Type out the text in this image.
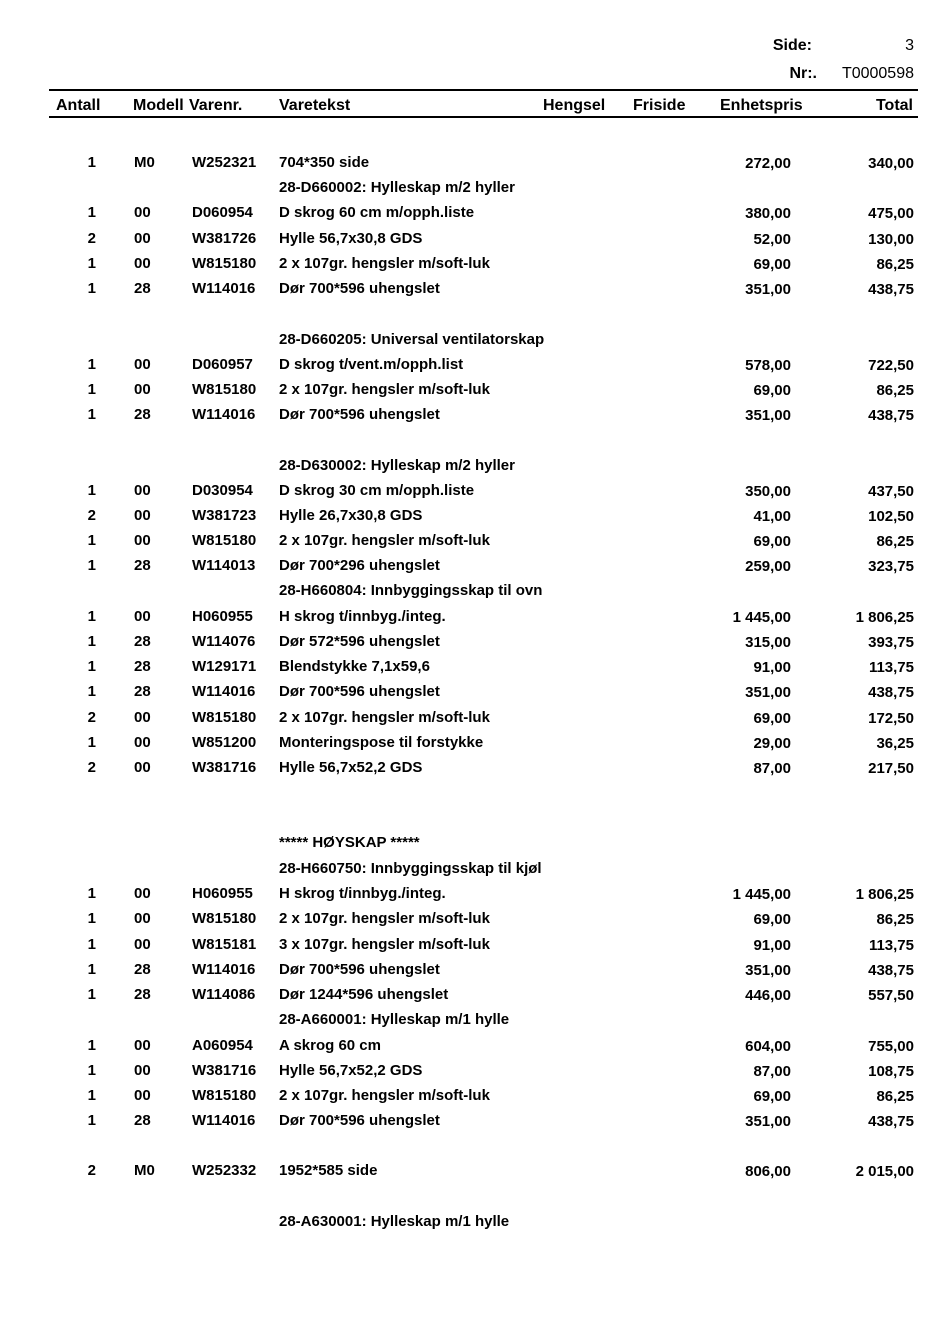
Side:	3
Nr:.	T0000598
Antall Modell Varenr. Varetekst	Hengsel Friside Enhetspris	Total
1	M0 W252321 704*350 side	272,00	340,00
28-D660002: Hylleskap m/2 hyller
1	00	D060954 D skrog 60 cm m/opph.liste	380,00	475,00
2	00	W381726 Hylle 56,7x30,8 GDS	52,00	130,00
1	00	W815180 2 x 107gr. hengsler m/soft-luk	69,00	86,25
1	28	W114016 Dør 700*596 uhengslet	351,00	438,75
28-D660205: Universal ventilatorskap
1	00	D060957 D skrog t/vent.m/opph.list	578,00	722,50
1	00	W815180 2 x 107gr. hengsler m/soft-luk	69,00	86,25
1	28	W114016 Dør 700*596 uhengslet	351,00	438,75
28-D630002: Hylleskap m/2 hyller
1	00	D030954 D skrog 30 cm m/opph.liste	350,00	437,50
2	00	W381723 Hylle 26,7x30,8 GDS	41,00	102,50
1	00	W815180 2 x 107gr. hengsler m/soft-luk	69,00	86,25
1	28	W114013 Dør 700*296 uhengslet	259,00	323,75
28-H660804: Innbyggingsskap til ovn
1	00	H060955 H skrog t/innbyg./integ.	1 445,00	1 806,25
1	28	W114076 Dør 572*596 uhengslet	315,00	393,75
1	28	W129171 Blendstykke 7,1x59,6	91,00	113,75
1	28	W114016 Dør 700*596 uhengslet	351,00	438,75
2	00	W815180 2 x 107gr. hengsler m/soft-luk	69,00	172,50
1	00	W851200 Monteringspose til forstykke	29,00	36,25
2	00	W381716 Hylle 56,7x52,2 GDS	87,00	217,50
***** HØYSKAP *****
28-H660750: Innbyggingsskap til kjøl
1	00	H060955 H skrog t/innbyg./integ.	1 445,00	1 806,25
1	00	W815180 2 x 107gr. hengsler m/soft-luk	69,00	86,25
1	00	W815181 3 x 107gr. hengsler m/soft-luk	91,00	113,75
1	28	W114016 Dør 700*596 uhengslet	351,00	438,75
1	28	W114086 Dør 1244*596 uhengslet	446,00	557,50
28-A660001: Hylleskap m/1 hylle
1	00	A060954 A skrog 60 cm	604,00	755,00
1	00	W381716 Hylle 56,7x52,2 GDS	87,00	108,75
1	00	W815180 2 x 107gr. hengsler m/soft-luk	69,00	86,25
1	28	W114016 Dør 700*596 uhengslet	351,00	438,75
2	M0 W252332 1952*585 side	806,00	2 015,00
28-A630001: Hylleskap m/1 hylle
